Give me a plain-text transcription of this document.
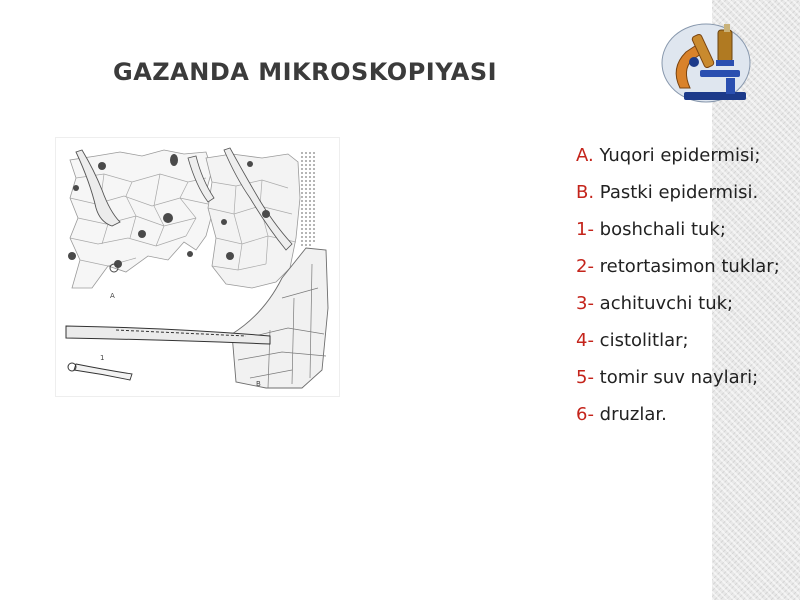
GAZANDA MIKROSKOPIYASI
A
1
B
A. Yuqori epidermisi;
B. Pastki epidermisi.
1- boshchali tuk;
2- retortasimon tuklar;
3- achituvchi tuk;
4- cistolitlar;
5- tomir suv naylari;
6- druzlar.
